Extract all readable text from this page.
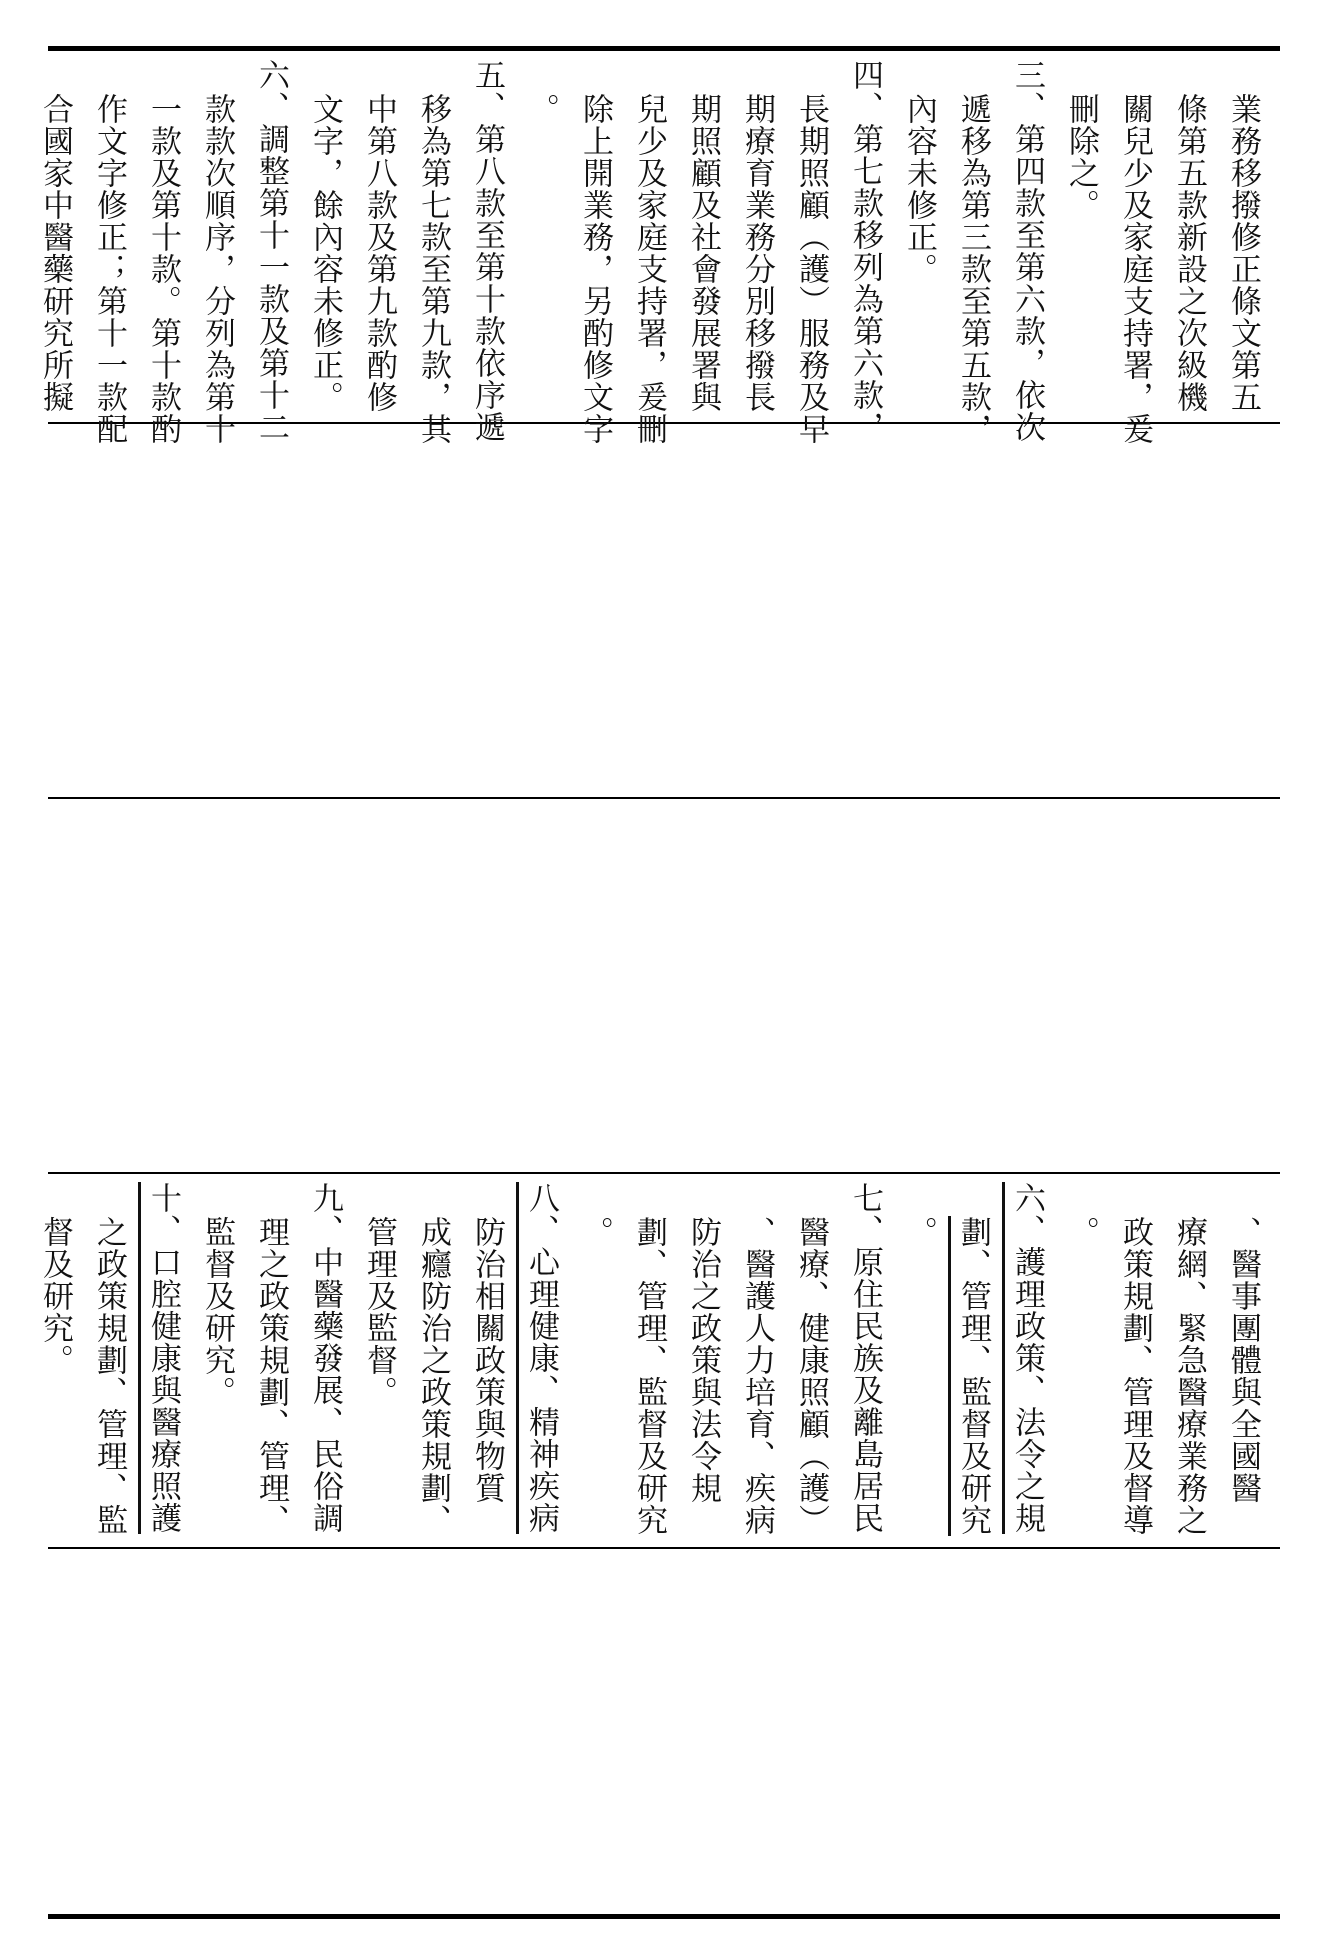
業務移撥修正條文第五
條第五款新設之次級機
關兒少及家庭支持署，爰
刪除之。
三、第四款至第六款，依次
遞移為第三款至第五款，
內容未修正。
四、第七款移列為第六款，
長期照顧（護）服務及早
期療育業務分別移撥長
期照顧及社會發展署與
兒少及家庭支持署，爰刪
除上開業務，另酌修文字
。
五、第八款至第十款依序遞
移為第七款至第九款，其
中第八款及第九款酌修
文字，餘內容未修正。
六、調整第十一款及第十二
款款次順序，分列為第十
一款及第十款。第十款酌
作文字修正；第十一款配
合國家中醫藥研究所擬
、醫事團體與全國醫
療網、緊急醫療業務之
政策規劃、管理及督導
。
六、護理政策、法令之規
劃、管理、監督及研究
。
七、原住民族及離島居民
醫療、健康照顧（護）
、醫護人力培育、疾病
防治之政策與法令規
劃、管理、監督及研究
。
八、心理健康、精神疾病
防治相關政策與物質
成癮防治之政策規劃、
管理及監督。
九、中醫藥發展、民俗調
理之政策規劃、管理、
監督及研究。
十、口腔健康與醫療照護
之政策規劃、管理、監
督及研究。
